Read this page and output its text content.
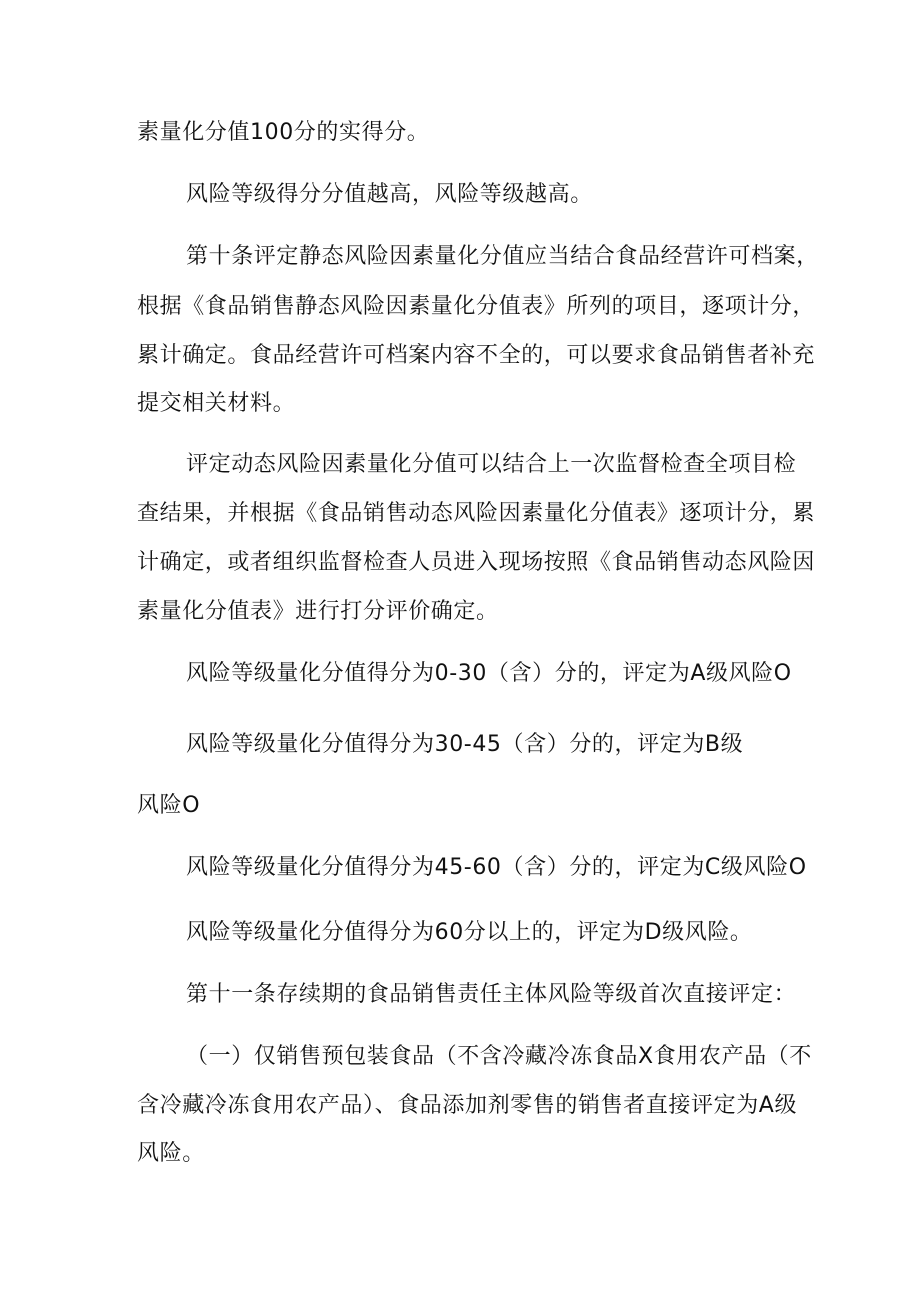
素量化分值100分的实得分。
风险等级得分分值越高，风险等级越高。
第十条评定静态风险因素量化分值应当结合食品经营许可档案，
根据《食品销售静态风险因素量化分值表》所列的项目，逐项计分，
累计确定。食品经营许可档案内容不全的，可以要求食品销售者补充
提交相关材料。
评定动态风险因素量化分值可以结合上一次监督检查全项目检
查结果，并根据《食品销售动态风险因素量化分值表》逐项计分，累
计确定，或者组织监督检查人员进入现场按照《食品销售动态风险因
素量化分值表》进行打分评价确定。
风险等级量化分值得分为0-30（含）分的，评定为A级风险O
风险等级量化分值得分为30-45（含）分的，评定为B级
风险O
风险等级量化分值得分为45-60（含）分的，评定为C级风险O
风险等级量化分值得分为60分以上的，评定为D级风险。
第十一条存续期的食品销售责任主体风险等级首次直接评定：
（一）仅销售预包装食品（不含冷藏冷冻食品X食用农产品（不
含冷藏冷冻食用农产品）、食品添加剂零售的销售者直接评定为A级
风险。
